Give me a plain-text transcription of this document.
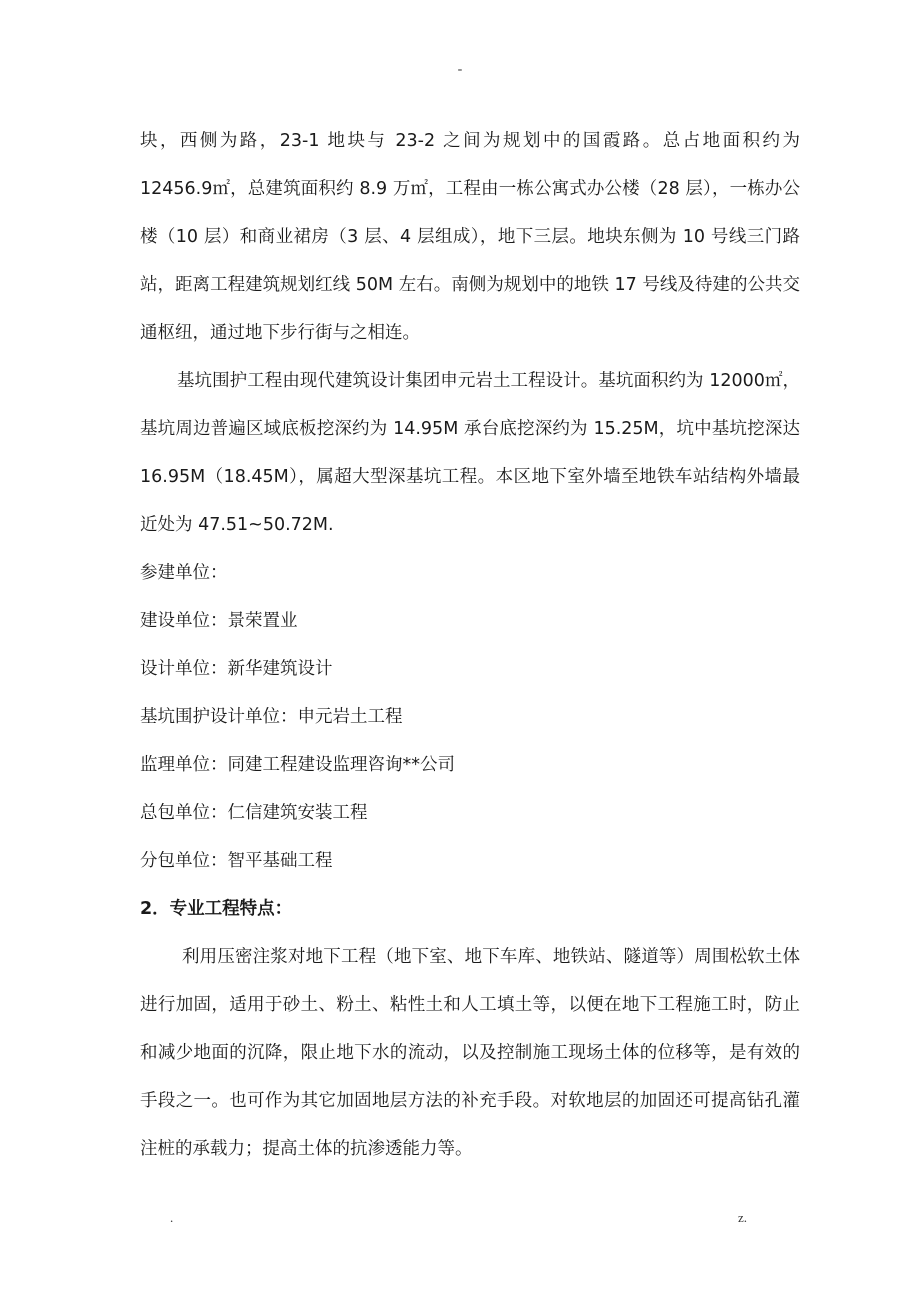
-

块，西侧为路，23-1 地块与 23-2 之间为规划中的国霞路。总占地面积约为 12456.9㎡，总建筑面积约 8.9 万㎡，工程由一栋公寓式办公楼（28 层），一栋办公楼（10 层）和商业裙房（3 层、4 层组成），地下三层。地块东侧为 10 号线三门路站，距离工程建筑规划红线 50M 左右。南侧为规划中的地铁 17 号线及待建的公共交通枢纽，通过地下步行街与之相连。

基坑围护工程由现代建筑设计集团申元岩土工程设计。基坑面积约为 12000㎡，基坑周边普遍区域底板挖深约为 14.95M 承台底挖深约为 15.25M，坑中基坑挖深达 16.95M（18.45M），属超大型深基坑工程。本区地下室外墙至地铁车站结构外墙最近处为 47.51~50.72M.

参建单位：

建设单位：景荣置业

设计单位：新华建筑设计

基坑围护设计单位：申元岩土工程

监理单位：同建工程建设监理咨询**公司

总包单位：仁信建筑安装工程

分包单位：智平基础工程

2．专业工程特点：

利用压密注浆对地下工程（地下室、地下车库、地铁站、隧道等）周围松软土体进行加固，适用于砂土、粉土、粘性土和人工填土等，以便在地下工程施工时，防止和减少地面的沉降，限止地下水的流动，以及控制施工现场土体的位移等，是有效的手段之一。也可作为其它加固地层方法的补充手段。对软地层的加固还可提高钻孔灌注桩的承载力；提高土体的抗渗透能力等。

.	z.
